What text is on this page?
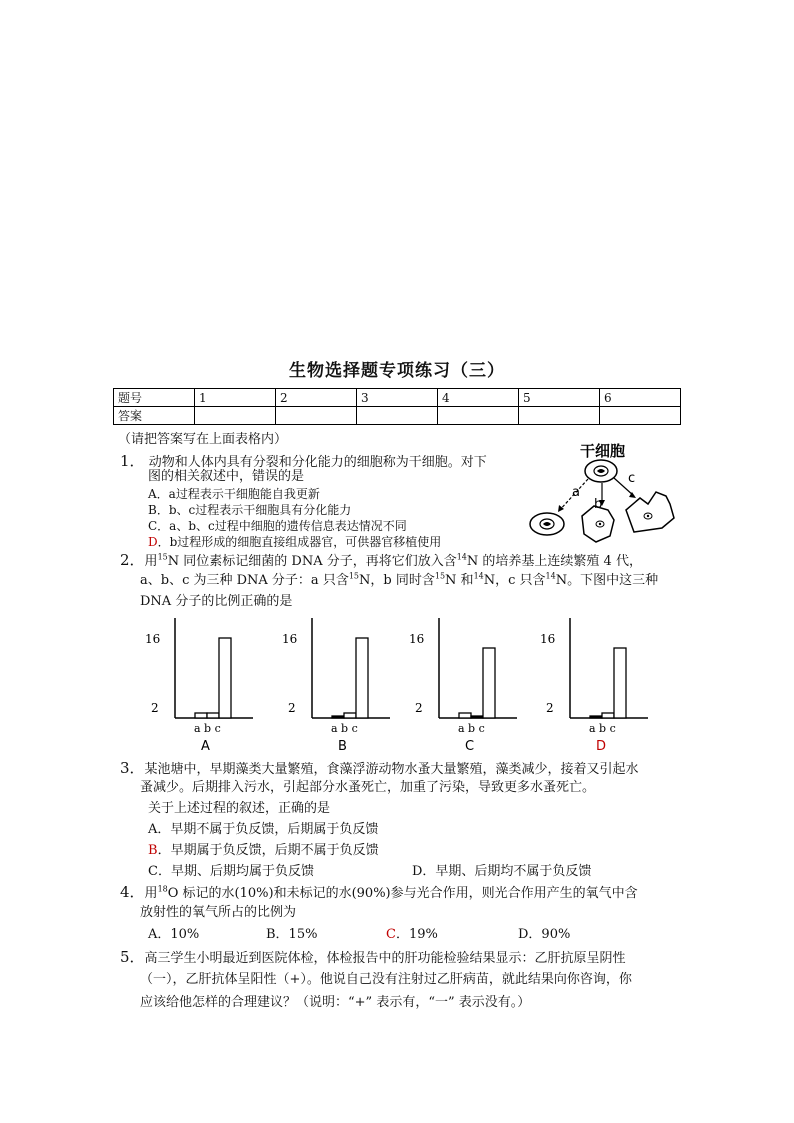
生物选择题专项练习（三）
题号	1	2	3	4	5	6
答案						
（请把答案写在上面表格内）
1． 动物和人体内具有分裂和分化能力的细胞称为干细胞。对下
图的相关叙述中，错误的是
A．a过程表示干细胞能自我更新
B．b、c过程表示干细胞具有分化能力
C．a、b、c过程中细胞的遗传信息表达情况不同
D．b过程形成的细胞直接组成器官，可供器官移植使用
干细胞
a
b
c
2．用$^{15}$N 同位素标记细菌的 DNA 分子，再将它们放入含$^{14}$N 的培养基上连续繁殖 4 代，
a、b、c 为三种 DNA 分子：a 只含$^{15}$N，b 同时含$^{15}$N 和$^{14}$N，c 只含$^{14}$N。下图中这三种
DNA 分子的比例正确的是
16
2
a b c
A
16
2
a b c
B
16
2
a b c
C
16
2
a b c
D
3．某池塘中，早期藻类大量繁殖，食藻浮游动物水蚤大量繁殖，藻类减少，接着又引起水
蚤减少。后期排入污水，引起部分水蚤死亡，加重了污染，导致更多水蚤死亡。
关于上述过程的叙述，正确的是
A．早期不属于负反馈，后期属于负反馈
B．早期属于负反馈，后期不属于负反馈
C．早期、后期均属于负反馈	D．早期、后期均不属于负反馈
4．用$^{18}$O 标记的水(10%)和未标记的水(90%)参与光合作用，则光合作用产生的氧气中含
放射性的氧气所占的比例为
A．10%	B．15%	C．19%	D．90%
5．高三学生小明最近到医院体检，体检报告中的肝功能检验结果显示：乙肝抗原呈阴性
（一），乙肝抗体呈阳性（+）。他说自己没有注射过乙肝病苗，就此结果向你咨询，你
应该给他怎样的合理建议？（说明：“+” 表示有，“一” 表示没有。）
